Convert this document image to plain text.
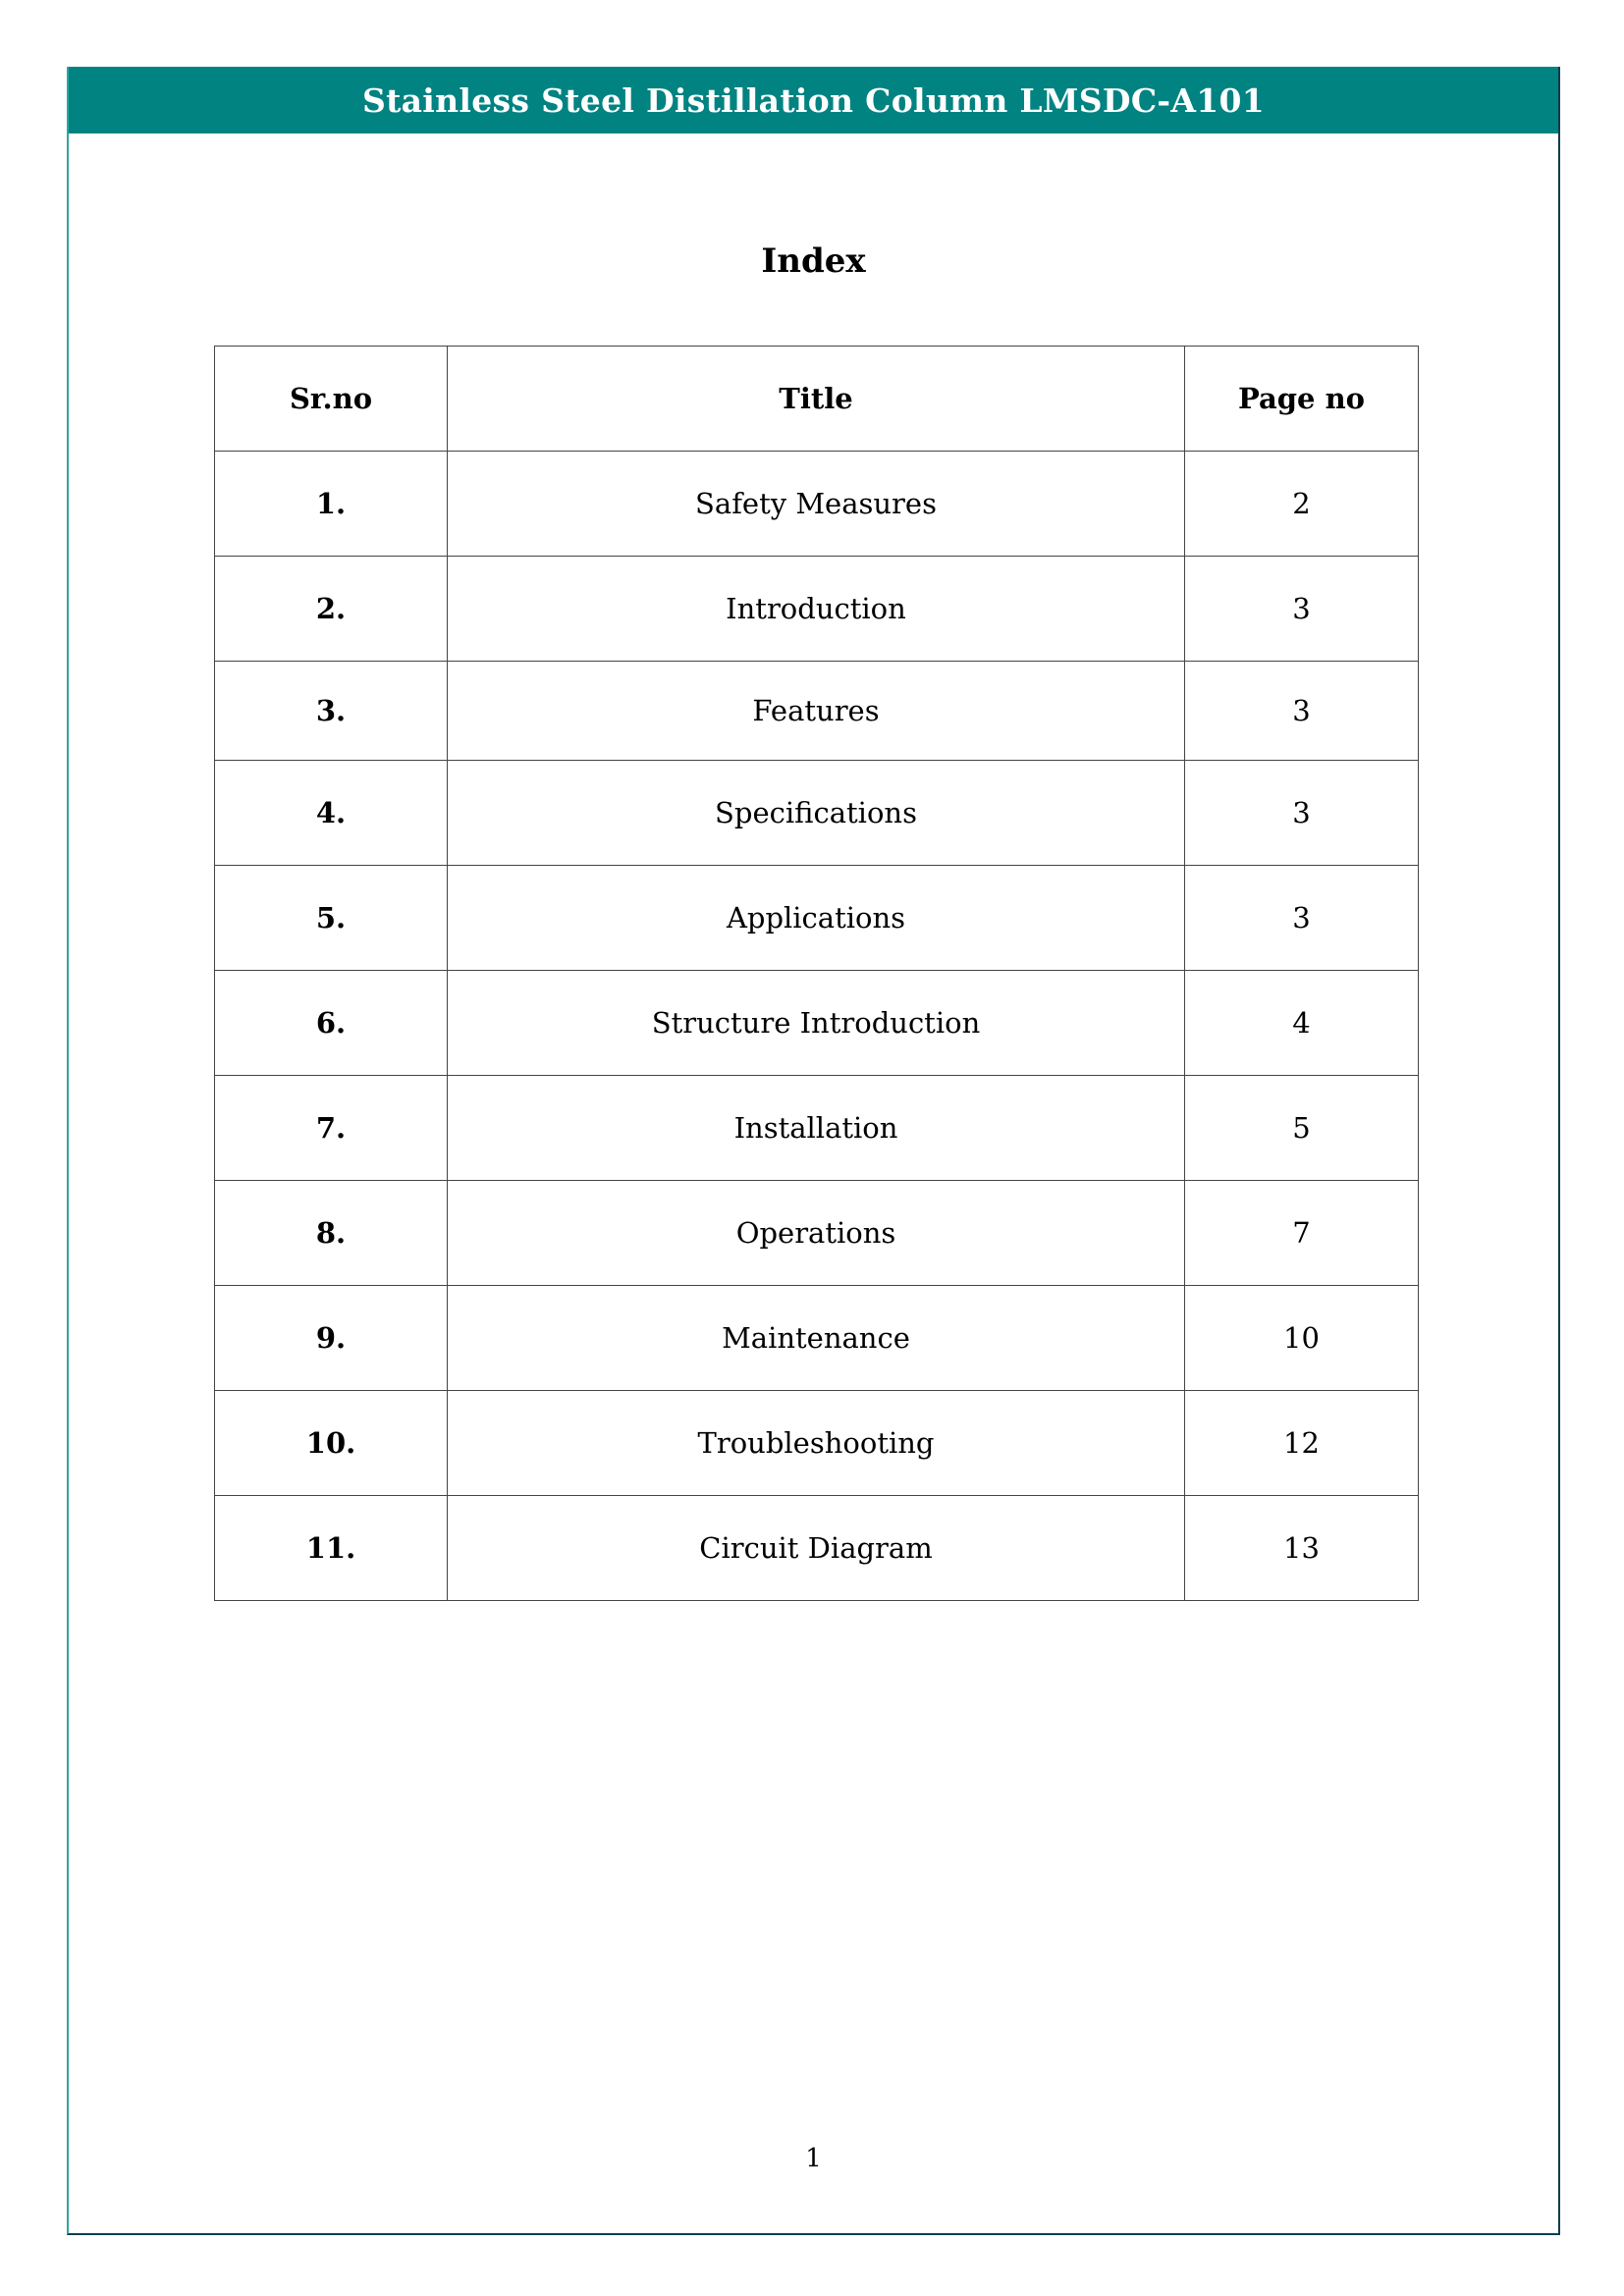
Stainless Steel Distillation Column LMSDC-A101
Index
Sr.no	Title	Page no
1.	Safety Measures	2
2.	Introduction	3
3.	Features	3
4.	Specifications	3
5.	Applications	3
6.	Structure Introduction	4
7.	Installation	5
8.	Operations	7
9.	Maintenance	10
10.	Troubleshooting	12
11.	Circuit Diagram	13
1
